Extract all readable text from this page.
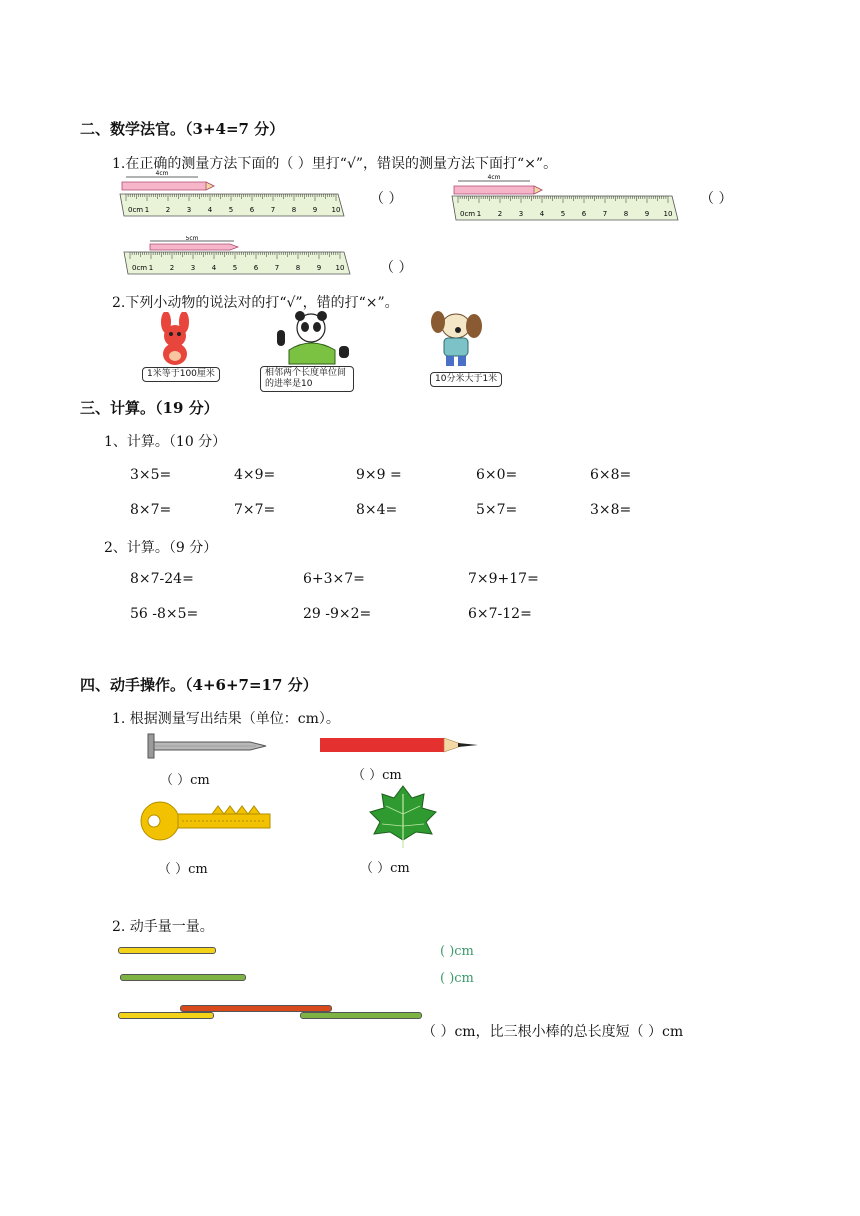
二、数学法官。（3+4=7 分）
1.在正确的测量方法下面的（ ）里打“√”，错误的测量方法下面打“×”。
4cm
0cm 1 2 3 4 5 6 7 8 9 10
（ ）
4cm
0cm 1 2 3 4 5 6 7 8 9 10
（ ）
5cm
0cm 1 2 3 4 5 6 7 8 9 10	（ ）
2.下列小动物的说法对的打“√”，错的打“×”。
1米等于100厘米	相邻两个长度单位间的进率是10	10分米大于1米
三、计算。（19 分）
1、计算。（10 分）
3×5=	4×9=	9×9 =	6×0=	6×8=
8×7=	7×7=	8×4=	5×7=	3×8=
2、计算。（9 分）
8×7-24=	6+3×7=	7×9+17=
56 -8×5=	29 -9×2=	6×7-12=
四、动手操作。（4+6+7=17 分）
1. 根据测量写出结果（单位：cm）。
（ ）cm	（ ）cm
（ ）cm	（ ）cm
2. 动手量一量。
( )cm
( )cm
（ ）cm，比三根小棒的总长度短（ ）cm
